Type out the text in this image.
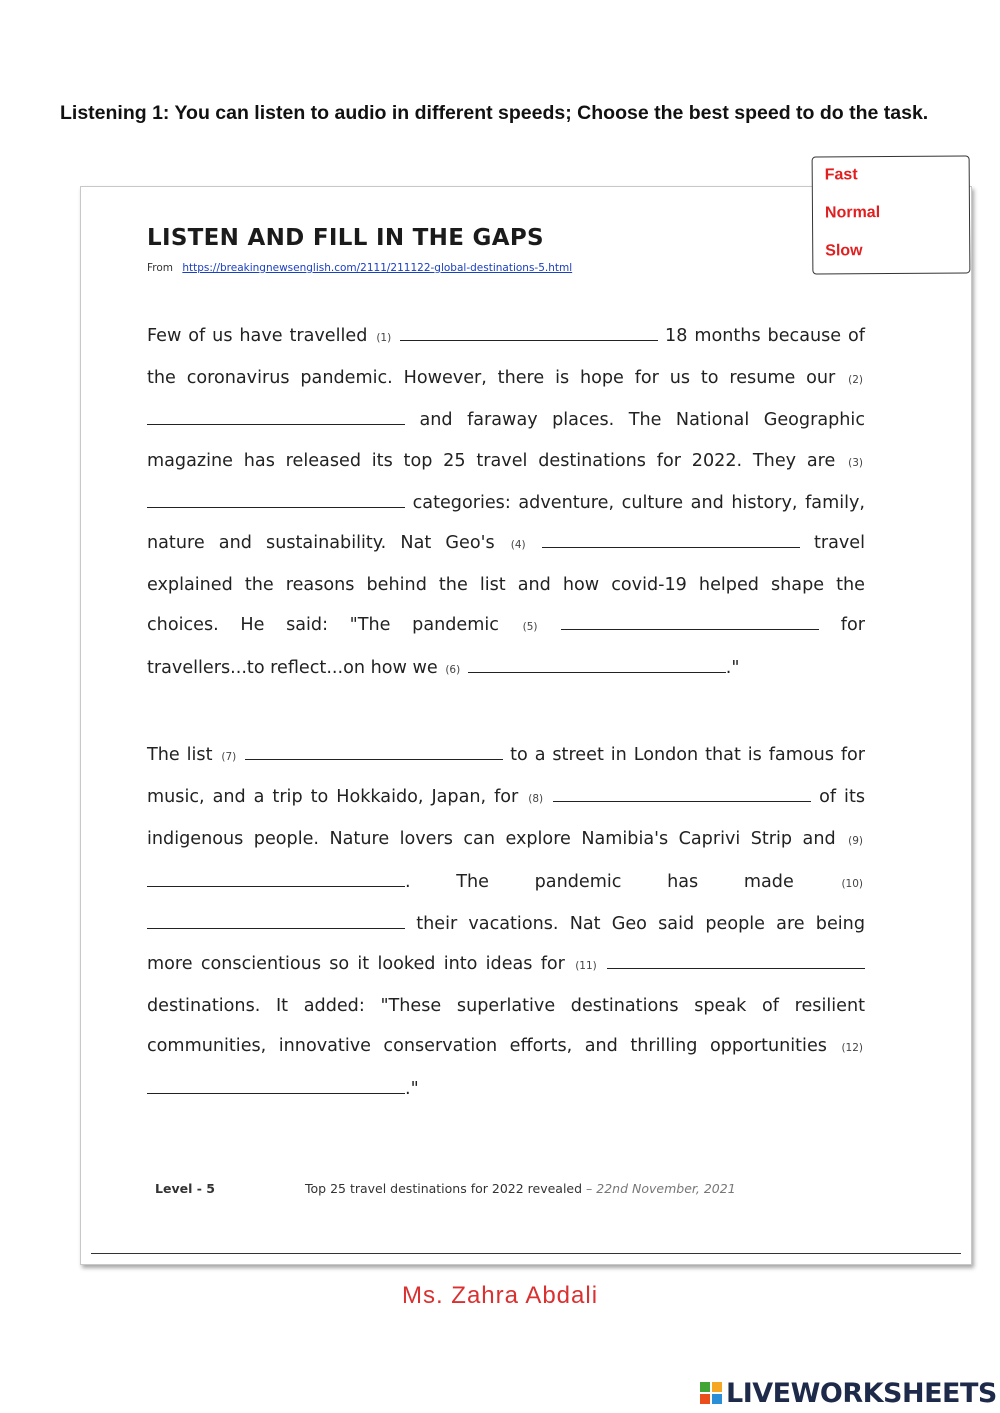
Listening 1: You can listen to audio in different speeds; Choose the best speed to do the task.
Fast
Normal
Slow
LISTEN AND FILL IN THE GAPS
From https://breakingnewsenglish.com/2111/211122-global-destinations-5.html
Few of us have travelled (1)	18 months because of the coronavirus pandemic. However, there is hope for us to resume our (2)  and faraway places. The National Geographic magazine has released its top 25 travel destinations for 2022. They are (3)  categories: adventure, culture and history, family, nature and sustainability. Nat Geo's (4)	travel explained the reasons behind the list and how covid-19 helped shape the choices. He said: "The pandemic (5)	for travellers...to reflect...on how we (6)	."
The list (7)	to a street in London that is famous for music, and a trip to Hokkaido, Japan, for (8)	of its indigenous people. Nature lovers can explore Namibia's Caprivi Strip and (9) . The pandemic has made	(10)  their vacations. Nat Geo said people are being more conscientious so it looked into ideas for (11)  destinations. It added: "These superlative destinations speak of resilient communities, innovative conservation efforts, and thrilling opportunities (12) ."
Level - 5	Top 25 travel destinations for 2022 revealed – 22nd November, 2021
Ms. Zahra Abdali
LIVEWORKSHEETS
